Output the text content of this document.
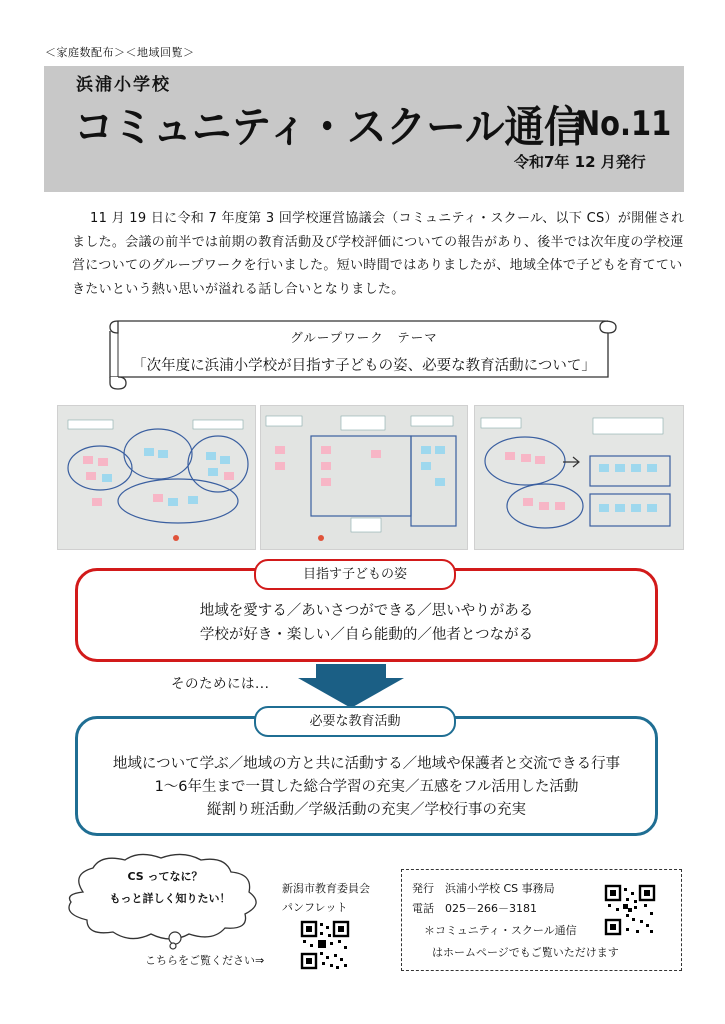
＜家庭数配布＞＜地域回覧＞
浜浦小学校
コミュニティ・スクール通信
No.11
令和7年 12 月発行

11 月 19 日に令和 7 年度第 3 回学校運営協議会（コミュニティ・スクール、以下 CS）が開催されました。会議の前半では前期の教育活動及び学校評価についての報告があり、後半では次年度の学校運営についてのグループワークを行いました。短い時間ではありましたが、地域全体で子どもを育てていきたいという熱い思いが溢れる話し合いとなりました。

グループワーク　テーマ
「次年度に浜浦小学校が目指す子どもの姿、必要な教育活動について」
目指す子どもの姿
地域を愛する／あいさつができる／思いやりがある
学校が好き・楽しい／自ら能動的／他者とつながる
そのためには...
必要な教育活動
地域について学ぶ／地域の方と共に活動する／地域や保護者と交流できる行事
1～6年生まで一貫した総合学習の充実／五感をフル活用した活動
縦割り班活動／学級活動の充実／学校行事の充実
CS ってなに？
もっと詳しく知りたい！
こちらをご覧ください⇒
新潟市教育委員会
パンフレット
発行　浜浦小学校 CS 事務局
電話　025－266－3181
＊コミュニティ・スクール通信
はホームページでもご覧いただけます
